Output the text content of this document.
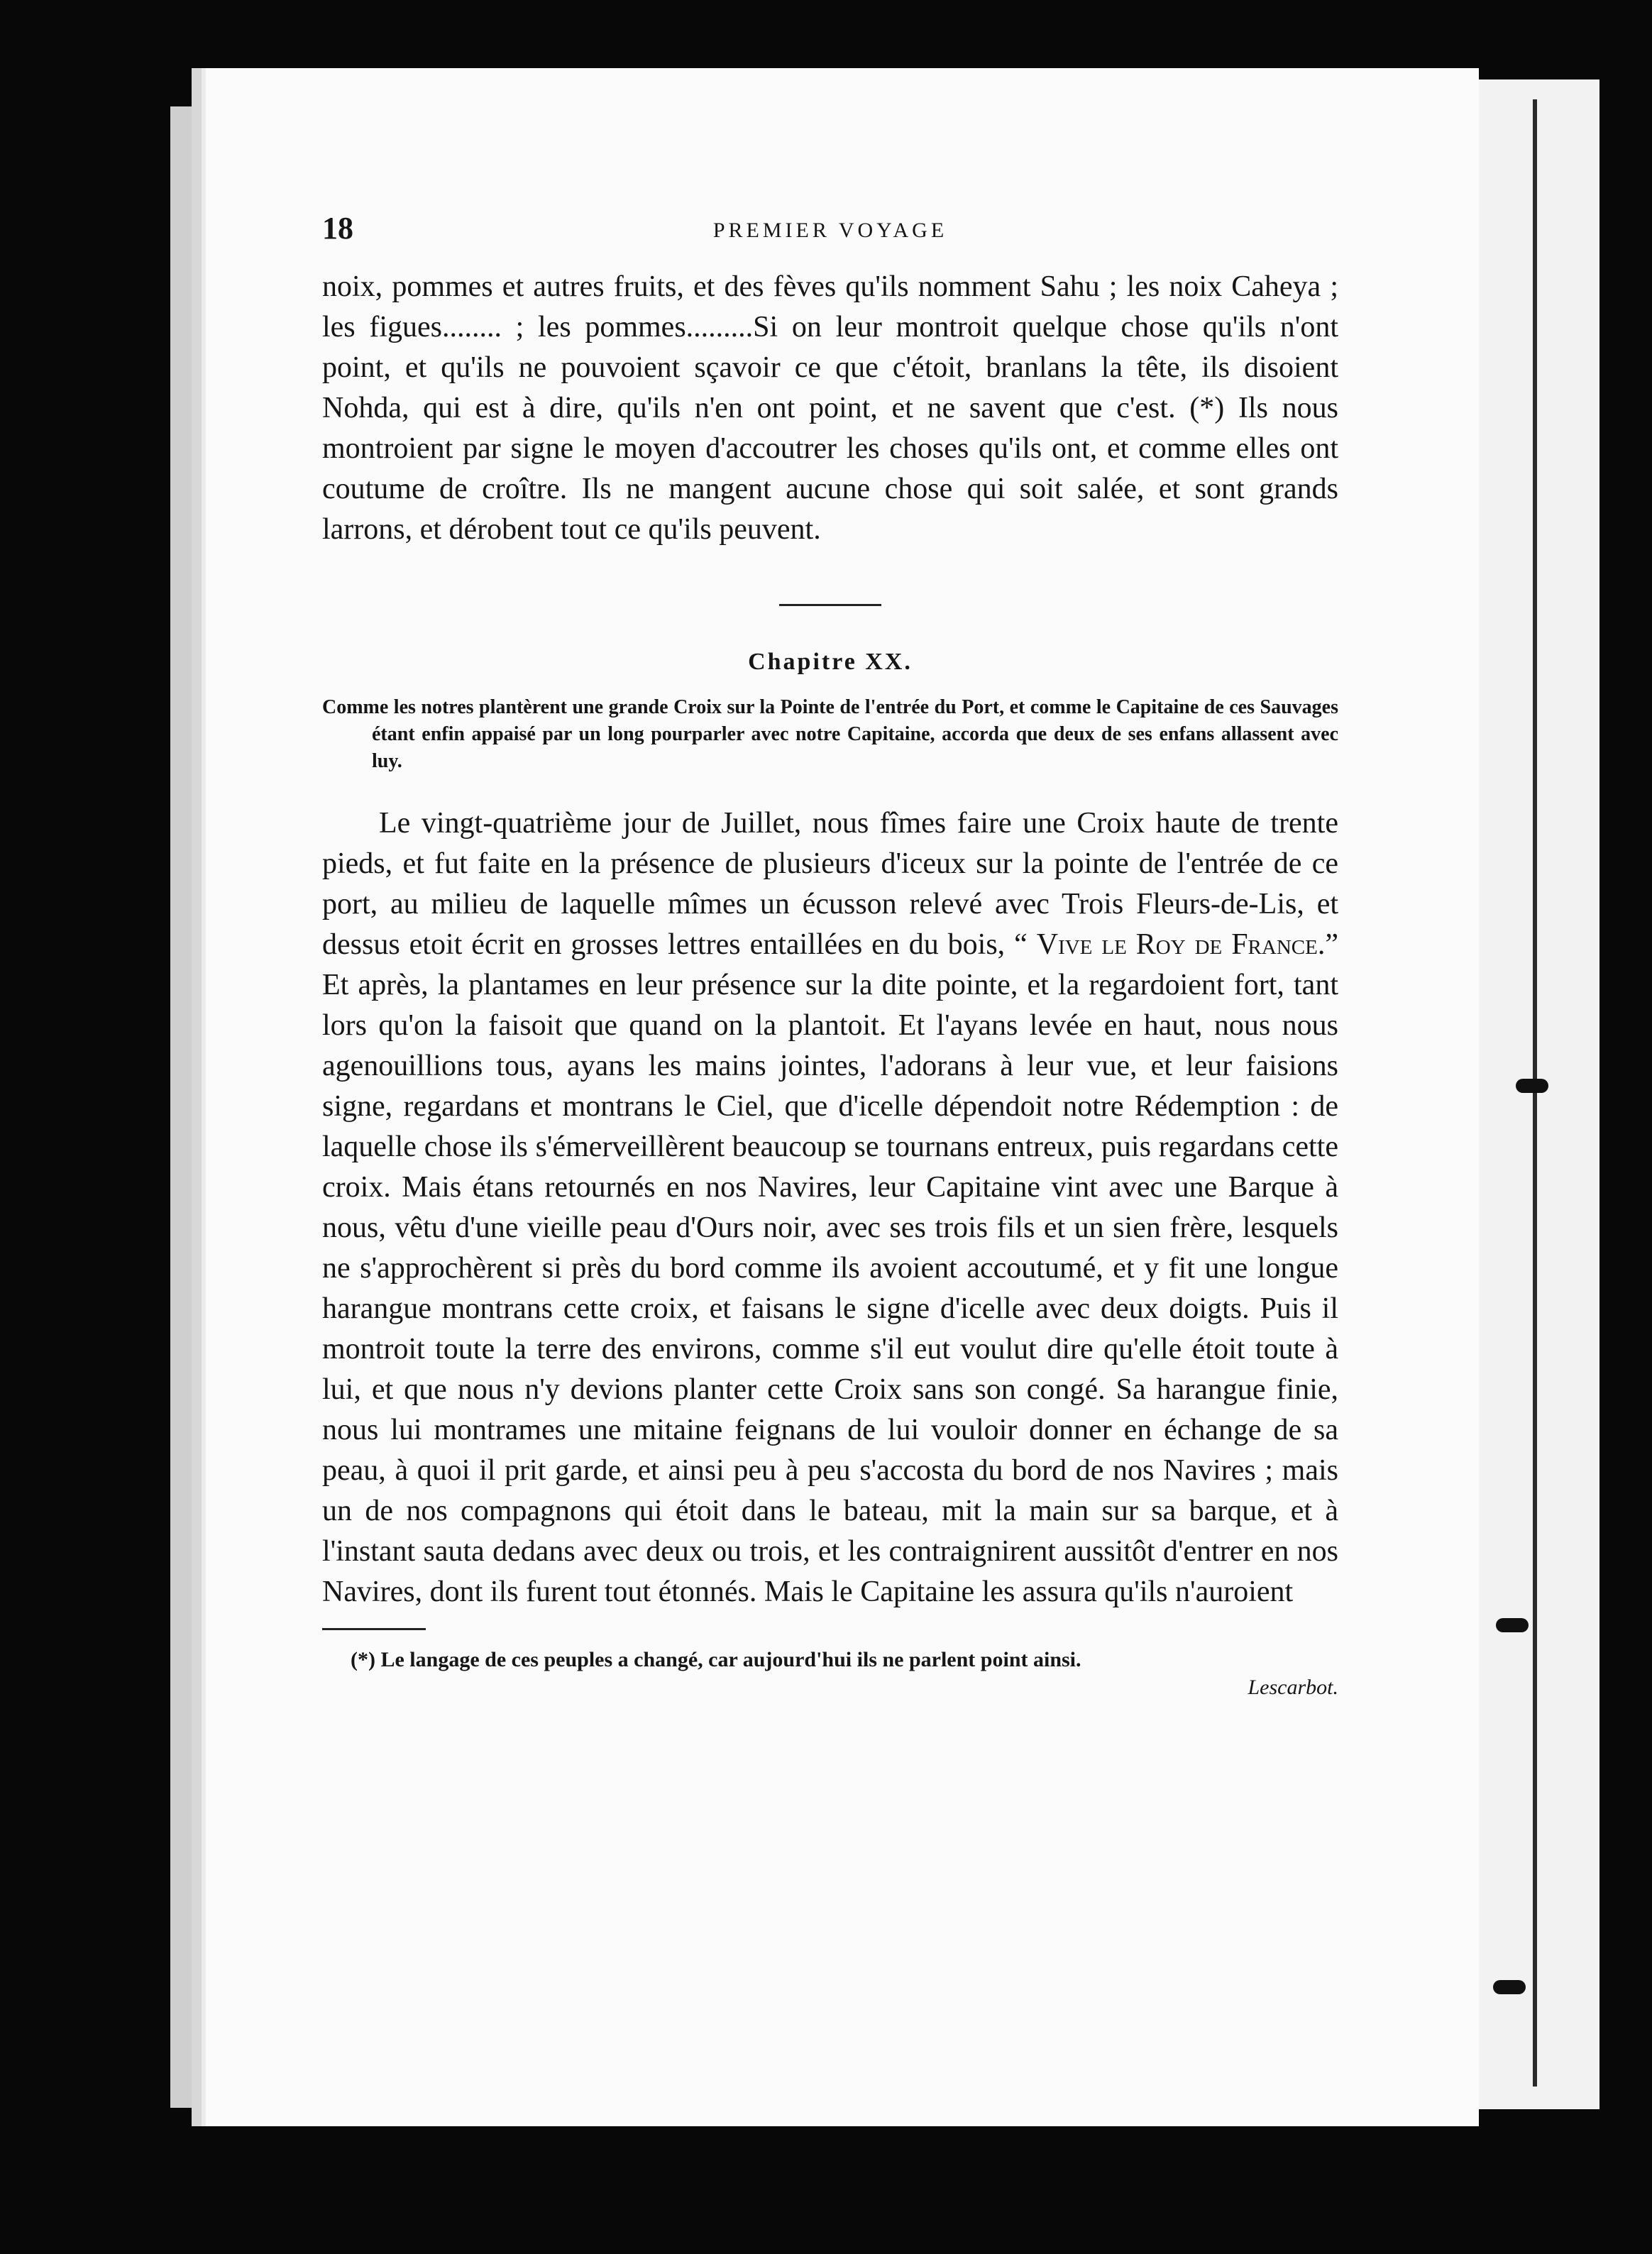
18	PREMIER VOYAGE

noix, pommes et autres fruits, et des fèves qu'ils nomment Sahu ; les noix Caheya ; les figues........ ; les pommes.........Si on leur montroit quelque chose qu'ils n'ont point, et qu'ils ne pouvoient sçavoir ce que c'étoit, branlans la tête, ils disoient Nohda, qui est à dire, qu'ils n'en ont point, et ne savent que c'est. (*) Ils nous montroient par signe le moyen d'accoutrer les choses qu'ils ont, et comme elles ont coutume de croître. Ils ne mangent aucune chose qui soit salée, et sont grands larrons, et dérobent tout ce qu'ils peuvent.

Chapitre XX.

Comme les notres plantèrent une grande Croix sur la Pointe de l'entrée du Port, et comme le Capitaine de ces Sauvages étant enfin appaisé par un long pourparler avec notre Capitaine, accorda que deux de ses enfans allassent avec luy.

Le vingt-quatrième jour de Juillet, nous fîmes faire une Croix haute de trente pieds, et fut faite en la présence de plusieurs d'iceux sur la pointe de l'entrée de ce port, au milieu de laquelle mîmes un écusson relevé avec Trois Fleurs-de-Lis, et dessus etoit écrit en grosses lettres entaillées en du bois, “ Vive le Roy de France.” Et après, la plantames en leur présence sur la dite pointe, et la regardoient fort, tant lors qu'on la faisoit que quand on la plantoit. Et l'ayans levée en haut, nous nous agenouillions tous, ayans les mains jointes, l'adorans à leur vue, et leur faisions signe, regardans et montrans le Ciel, que d'icelle dépendoit notre Rédemption : de laquelle chose ils s'émerveillèrent beaucoup se tournans entreux, puis regardans cette croix. Mais étans retournés en nos Navires, leur Capitaine vint avec une Barque à nous, vêtu d'une vieille peau d'Ours noir, avec ses trois fils et un sien frère, lesquels ne s'approchèrent si près du bord comme ils avoient accoutumé, et y fit une longue harangue montrans cette croix, et faisans le signe d'icelle avec deux doigts. Puis il montroit toute la terre des environs, comme s'il eut voulut dire qu'elle étoit toute à lui, et que nous n'y devions planter cette Croix sans son congé. Sa harangue finie, nous lui montrames une mitaine feignans de lui vouloir donner en échange de sa peau, à quoi il prit garde, et ainsi peu à peu s'accosta du bord de nos Navires ; mais un de nos compagnons qui étoit dans le bateau, mit la main sur sa barque, et à l'instant sauta dedans avec deux ou trois, et les contraignirent aussitôt d'entrer en nos Navires, dont ils furent tout étonnés. Mais le Capitaine les assura qu'ils n'auroient

(*) Le langage de ces peuples a changé, car aujourd'hui ils ne parlent point ainsi.

Lescarbot.
